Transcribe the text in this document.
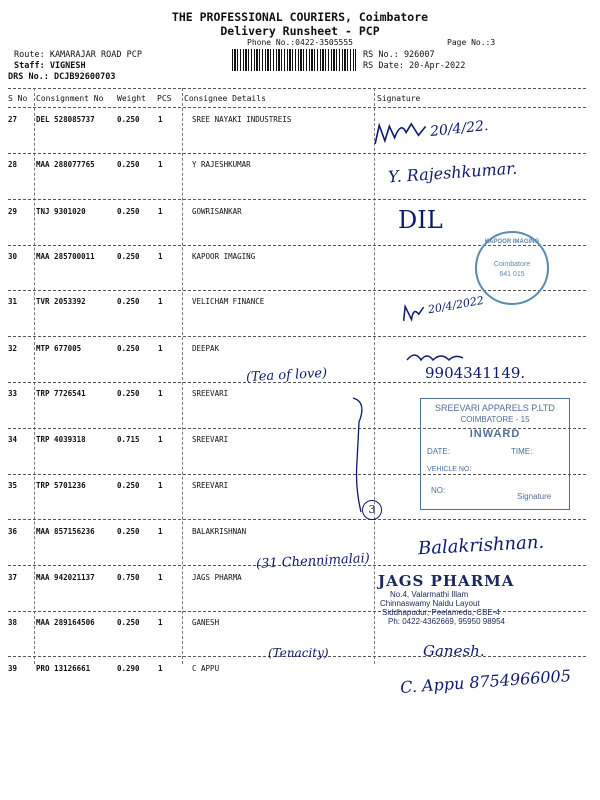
THE PROFESSIONAL COURIERS, Coimbatore
Delivery Runsheet - PCP
Phone No.:0422-3505555	Page No.:3
Route: KAMARAJAR ROAD PCP
Staff: VIGNESH
DRS No.: DCJB92600703
RS No.: 926007
RS Date: 20-Apr-2022
S No Consignment No Weight PCS Consignee Details	Signature
27	DEL 528085737	0.250 1	SREE NAYAKI INDUSTREIS
28	MAA 288077765	0.250 1	Y RAJESHKUMAR
29	TNJ 9301020	0.250 1	GOWRISANKAR
30	MAA 285700011	0.250 1	KAPOOR IMAGING
31	TVR 2053392	0.250 1	VELICHAM FINANCE
32	MTP 677005	0.250 1	DEEPAK
33	TRP 7726541	0.250 1	SREEVARI
34	TRP 4039318	0.715 1	SREEVARI
35	TRP 5701236	0.250 1	SREEVARI
36	MAA 857156236	0.250 1	BALAKRISHNAN
37	MAA 942021137	0.750 1	JAGS PHARMA
38	MAA 289164506	0.250 1	GANESH
39	PRO 13126661	0.290 1	C APPU
20/4/22.
Y. Rajeshkumar.
DIL
20/4/2022
9904341149.
(Tea of love)
3
Balakrishnan.
(31 Chennimalai)
(Tenacity)	Ganesh.
C. Appu 8754966005
KAPOOR IMAGING
Coimbatore
641 015
SREEVARI APPARELS P.LTD
COIMBATORE - 15
INWARD
DATE:	TIME:
VEHICLE NO:
NO:
Signature
JAGS PHARMA
No.4, Valarmathi Illam
Chinnaswamy Naidu Layout
Siddhapudur, Peelamedu, CBE-4
Ph: 0422-4362669, 95950 98954
